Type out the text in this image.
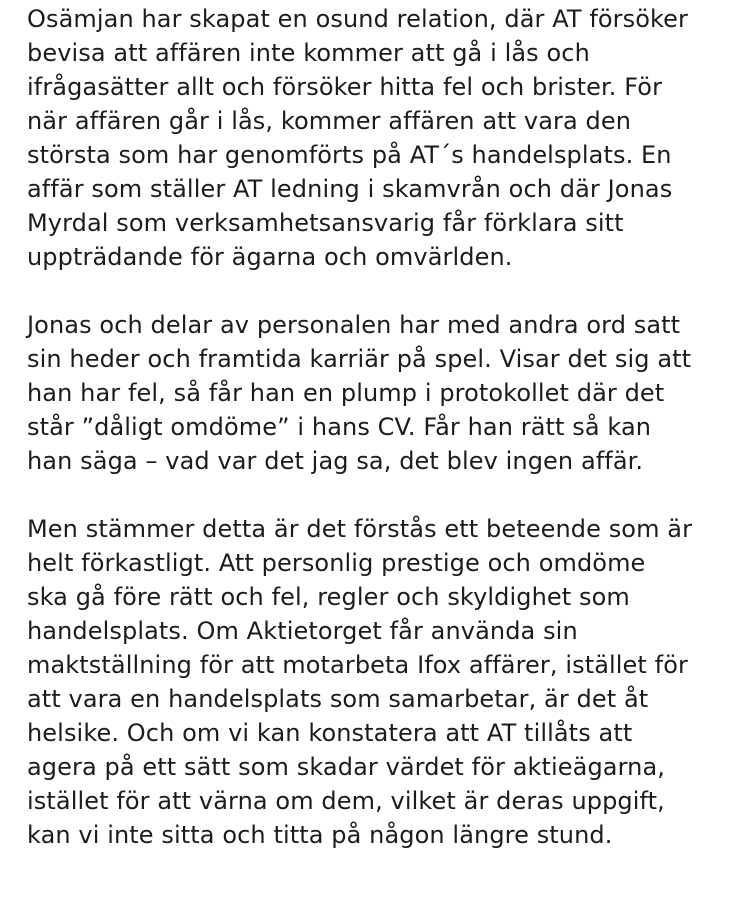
Osämjan har skapat en osund relation, där AT försöker
bevisa att affären inte kommer att gå i lås och
ifrågasätter allt och försöker hitta fel och brister. För
när affären går i lås, kommer affären att vara den
största som har genomförts på AT´s handelsplats. En
affär som ställer AT ledning i skamvrån och där Jonas
Myrdal som verksamhetsansvarig får förklara sitt
uppträdande för ägarna och omvärlden.

Jonas och delar av personalen har med andra ord satt
sin heder och framtida karriär på spel. Visar det sig att
han har fel, så får han en plump i protokollet där det
står ”dåligt omdöme” i hans CV. Får han rätt så kan
han säga – vad var det jag sa, det blev ingen affär.

Men stämmer detta är det förstås ett beteende som är
helt förkastligt. Att personlig prestige och omdöme
ska gå före rätt och fel, regler och skyldighet som
handelsplats. Om Aktietorget får använda sin
maktställning för att motarbeta Ifox affärer, istället för
att vara en handelsplats som samarbetar, är det åt
helsike. Och om vi kan konstatera att AT tillåts att
agera på ett sätt som skadar värdet för aktieägarna,
istället för att värna om dem, vilket är deras uppgift,
kan vi inte sitta och titta på någon längre stund.
